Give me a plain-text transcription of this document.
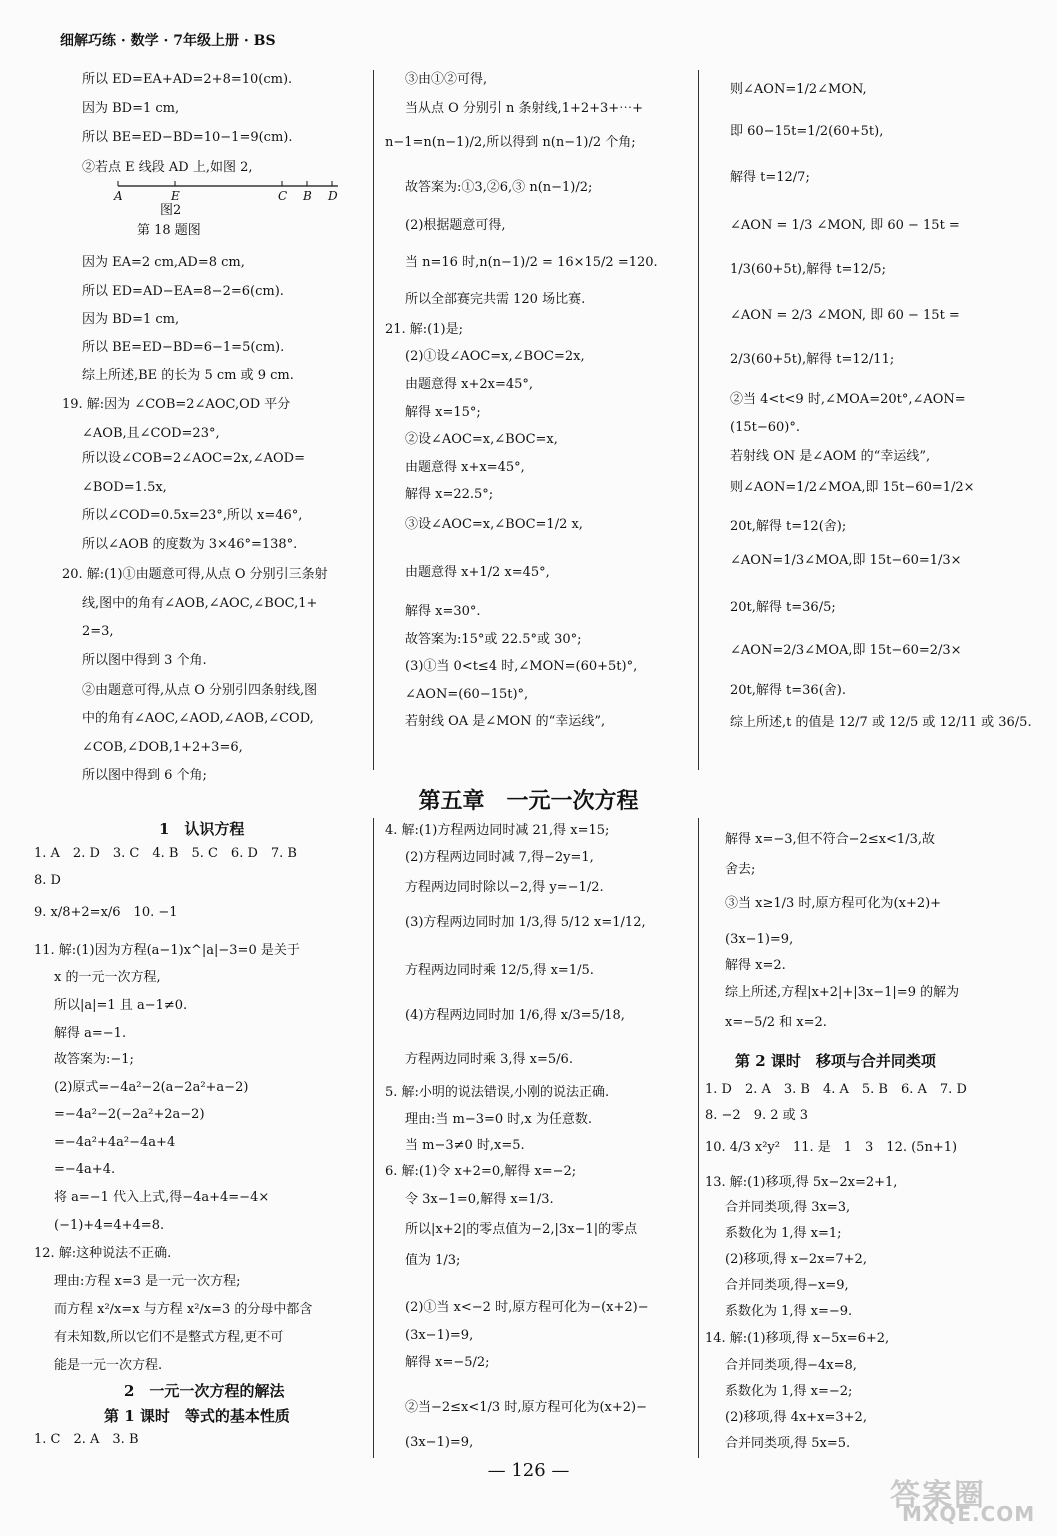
细解巧练 · 数学 · 7年级上册 · BS
A	E	C B D
所以 ED=EA+AD=2+8=10(cm).
因为 BD=1 cm,
所以 BE=ED−BD=10−1=9(cm).
②若点 E 线段 AD 上,如图 2,
图2
第 18 题图
因为 EA=2 cm,AD=8 cm,
所以 ED=AD−EA=8−2=6(cm).
因为 BD=1 cm,
所以 BE=ED−BD=6−1=5(cm).
综上所述,BE 的长为 5 cm 或 9 cm.
19. 解:因为 ∠COB=2∠AOC,OD 平分
∠AOB,且∠COD=23°,
所以设∠COB=2∠AOC=2x,∠AOD=
∠BOD=1.5x,
所以∠COD=0.5x=23°,所以 x=46°,
所以∠AOB 的度数为 3×46°=138°.
20. 解:(1)①由题意可得,从点 O 分别引三条射
线,图中的角有∠AOB,∠AOC,∠BOC,1+
2=3,
所以图中得到 3 个角.
②由题意可得,从点 O 分别引四条射线,图
中的角有∠AOC,∠AOD,∠AOB,∠COD,
∠COB,∠DOB,1+2+3=6,
所以图中得到 6 个角;
③由①②可得,
当从点 O 分别引 n 条射线,1+2+3+⋯+
n−1=n(n−1)/2,所以得到 n(n−1)/2 个角;
故答案为:①3,②6,③ n(n−1)/2;
(2)根据题意可得,
当 n=16 时,n(n−1)/2 = 16×15/2 =120.
所以全部赛完共需 120 场比赛.
21. 解:(1)是;
(2)①设∠AOC=x,∠BOC=2x,
由题意得 x+2x=45°,
解得 x=15°;
②设∠AOC=x,∠BOC=x,
由题意得 x+x=45°,
解得 x=22.5°;
③设∠AOC=x,∠BOC=1/2 x,
由题意得 x+1/2 x=45°,
解得 x=30°.
故答案为:15°或 22.5°或 30°;
(3)①当 0<t≤4 时,∠MON=(60+5t)°,
∠AON=(60−15t)°,
若射线 OA 是∠MON 的“幸运线”,
则∠AON=1/2∠MON,
即 60−15t=1/2(60+5t),
解得 t=12/7;
∠AON = 1/3 ∠MON, 即 60 − 15t =
1/3(60+5t),解得 t=12/5;
∠AON = 2/3 ∠MON, 即 60 − 15t =
2/3(60+5t),解得 t=12/11;
②当 4<t<9 时,∠MOA=20t°,∠AON=
(15t−60)°.
若射线 ON 是∠AOM 的“幸运线”,
则∠AON=1/2∠MOA,即 15t−60=1/2×
20t,解得 t=12(舍);
∠AON=1/3∠MOA,即 15t−60=1/3×
20t,解得 t=36/5;
∠AON=2/3∠MOA,即 15t−60=2/3×
20t,解得 t=36(舍).
综上所述,t 的值是 12/7 或 12/5 或 12/11 或 36/5.
第五章　一元一次方程
1　认识方程
1. A　2. D　3. C　4. B　5. C　6. D　7. B
8. D
9. x/8+2=x/6　10. −1
11. 解:(1)因为方程(a−1)x^|a|−3=0 是关于
x 的一元一次方程,
所以|a|=1 且 a−1≠0.
解得 a=−1.
故答案为:−1;
(2)原式=−4a²−2(a−2a²+a−2)
=−4a²−2(−2a²+2a−2)
=−4a²+4a²−4a+4
=−4a+4.
将 a=−1 代入上式,得−4a+4=−4×
(−1)+4=4+4=8.
12. 解:这种说法不正确.
理由:方程 x=3 是一元一次方程;
而方程 x²/x=x 与方程 x²/x=3 的分母中都含
有未知数,所以它们不是整式方程,更不可
能是一元一次方程.
2　一元一次方程的解法
第 1 课时　等式的基本性质
1. C　2. A　3. B
4. 解:(1)方程两边同时减 21,得 x=15;
(2)方程两边同时减 7,得−2y=1,
方程两边同时除以−2,得 y=−1/2.
(3)方程两边同时加 1/3,得 5/12 x=1/12,
方程两边同时乘 12/5,得 x=1/5.
(4)方程两边同时加 1/6,得 x/3=5/18,
方程两边同时乘 3,得 x=5/6.
5. 解:小明的说法错误,小刚的说法正确.
理由:当 m−3=0 时,x 为任意数.
当 m−3≠0 时,x=5.
6. 解:(1)令 x+2=0,解得 x=−2;
令 3x−1=0,解得 x=1/3.
所以|x+2|的零点值为−2,|3x−1|的零点
值为 1/3;
(2)①当 x<−2 时,原方程可化为−(x+2)−
(3x−1)=9,
解得 x=−5/2;
②当−2≤x<1/3 时,原方程可化为(x+2)−
(3x−1)=9,
解得 x=−3,但不符合−2≤x<1/3,故
舍去;
③当 x≥1/3 时,原方程可化为(x+2)+
(3x−1)=9,
解得 x=2.
综上所述,方程|x+2|+|3x−1|=9 的解为
x=−5/2 和 x=2.
第 2 课时　移项与合并同类项
1. D　2. A　3. B　4. A　5. B　6. A　7. D
8. −2　9. 2 或 3
10. 4/3 x²y²　11. 是　1　3　12. (5n+1)
13. 解:(1)移项,得 5x−2x=2+1,
合并同类项,得 3x=3,
系数化为 1,得 x=1;
(2)移项,得 x−2x=7+2,
合并同类项,得−x=9,
系数化为 1,得 x=−9.
14. 解:(1)移项,得 x−5x=6+2,
合并同类项,得−4x=8,
系数化为 1,得 x=−2;
(2)移项,得 4x+x=3+2,
合并同类项,得 5x=5.
— 126 —
答案圈
MXQE.COM
